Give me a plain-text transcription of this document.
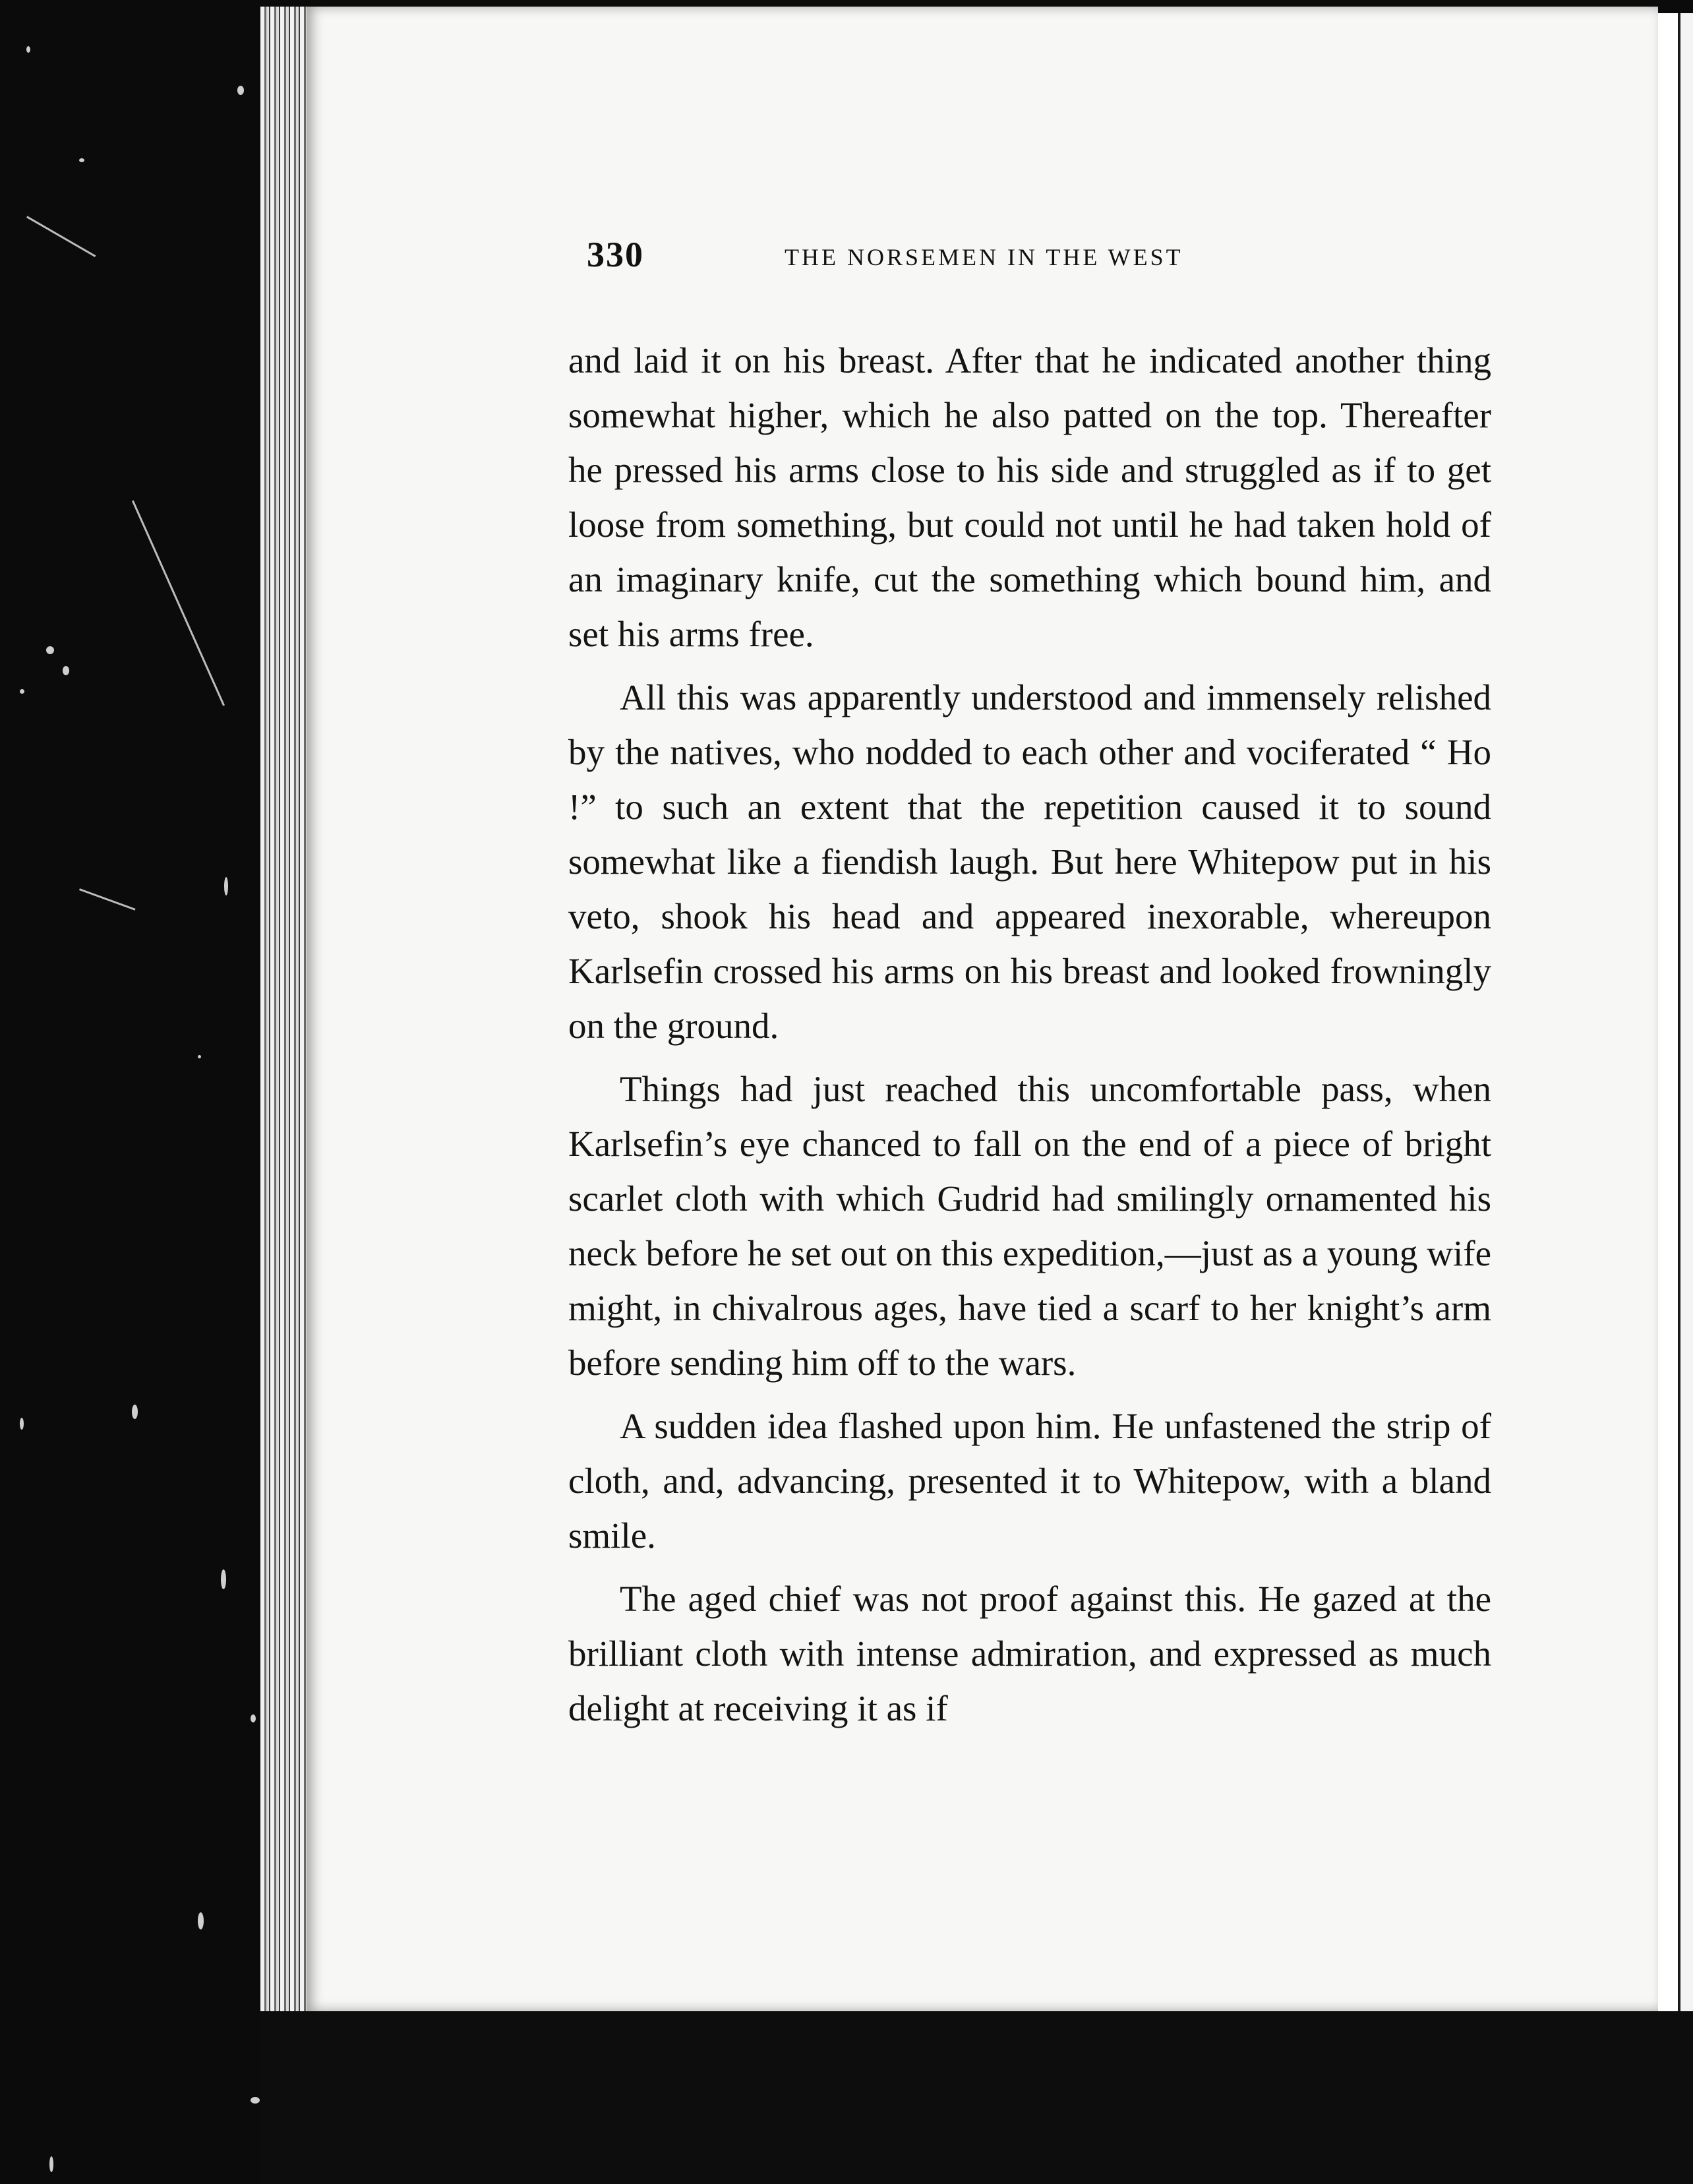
330	THE NORSEMEN IN THE WEST

and laid it on his breast. After that he indicated another thing somewhat higher, which he also patted on the top. Thereafter he pressed his arms close to his side and struggled as if to get loose from something, but could not until he had taken hold of an imaginary knife, cut the something which bound him, and set his arms free.

All this was apparently understood and immensely relished by the natives, who nodded to each other and vociferated “ Ho !” to such an extent that the repetition caused it to sound somewhat like a fiendish laugh. But here Whitepow put in his veto, shook his head and appeared inexorable, whereupon Karlsefin crossed his arms on his breast and looked frowningly on the ground.

Things had just reached this uncomfortable pass, when Karlsefin’s eye chanced to fall on the end of a piece of bright scarlet cloth with which Gudrid had smilingly ornamented his neck before he set out on this expedition,—just as a young wife might, in chivalrous ages, have tied a scarf to her knight’s arm before sending him off to the wars.

A sudden idea flashed upon him. He unfastened the strip of cloth, and, advancing, presented it to Whitepow, with a bland smile.

The aged chief was not proof against this. He gazed at the brilliant cloth with intense admiration, and expressed as much delight at receiving it as if
